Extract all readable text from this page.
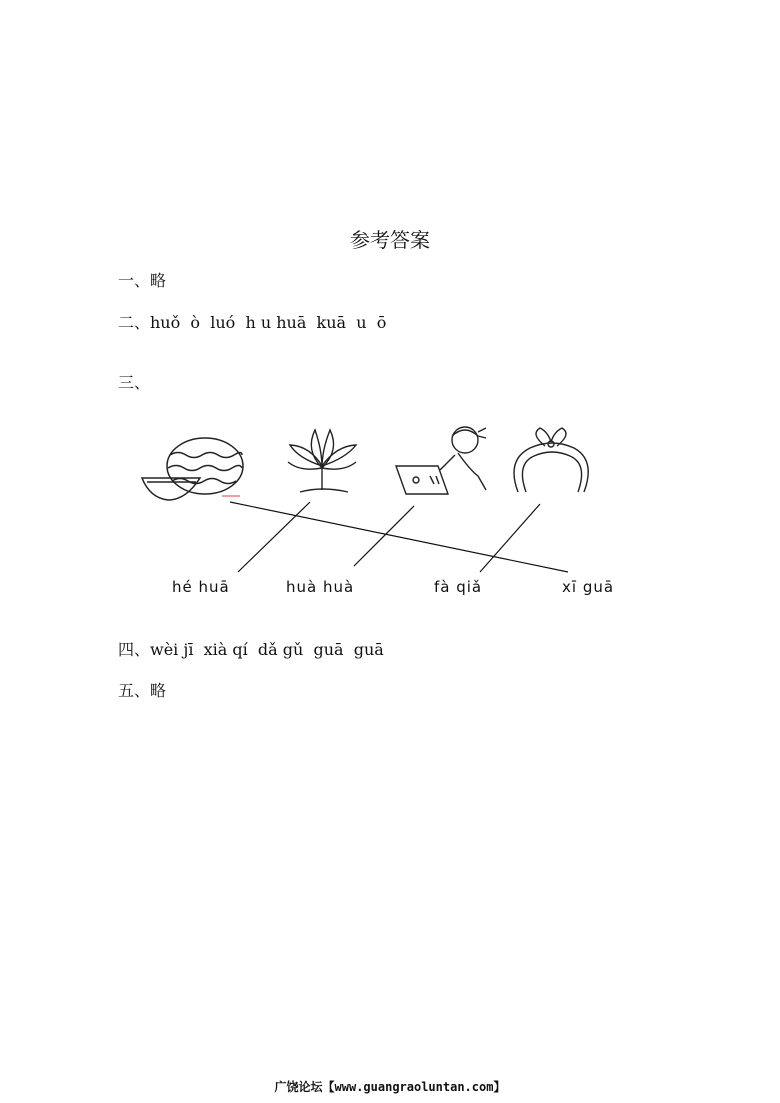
参考答案
一、略
二、huǒ  ò  luó  h u huā  kuā  u  ō
三、
hé huā	huà huà	fà qiǎ	xī guā
四、wèi jī  xià qí  dǎ gǔ  guā  guā
五、略
广饶论坛【www.guangraoluntan.com】
